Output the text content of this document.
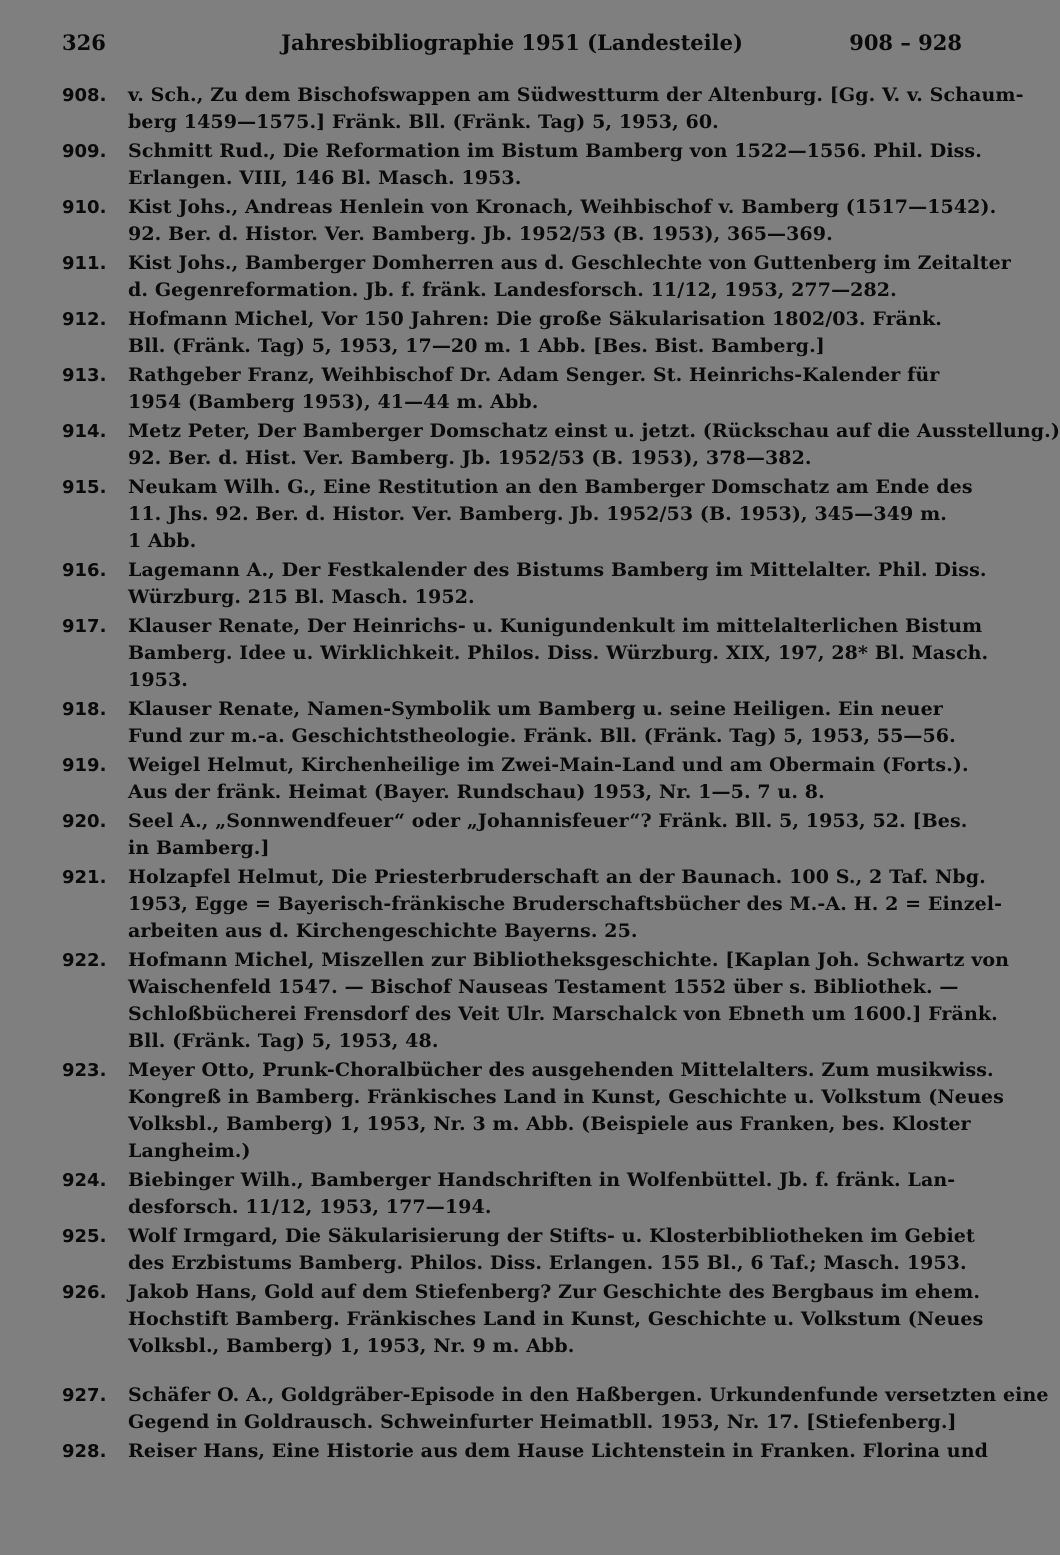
326	Jahresbibliographie 1951 (Landesteile)	908 – 928
908.	v. Sch., Zu dem Bischofswappen am Südwestturm der Altenburg. [Gg. V. v. Schaum-
berg 1459—1575.] Fränk. Bll. (Fränk. Tag) 5, 1953, 60.
909.	Schmitt Rud., Die Reformation im Bistum Bamberg von 1522—1556. Phil. Diss.
Erlangen. VIII, 146 Bl. Masch. 1953.
910.	Kist Johs., Andreas Henlein von Kronach, Weihbischof v. Bamberg (1517—1542).
92. Ber. d. Histor. Ver. Bamberg. Jb. 1952/53 (B. 1953), 365—369.
911.	Kist Johs., Bamberger Domherren aus d. Geschlechte von Guttenberg im Zeitalter
d. Gegenreformation. Jb. f. fränk. Landesforsch. 11/12, 1953, 277—282.
912.	Hofmann Michel, Vor 150 Jahren: Die große Säkularisation 1802/03. Fränk.
Bll. (Fränk. Tag) 5, 1953, 17—20 m. 1 Abb. [Bes. Bist. Bamberg.]
913.	Rathgeber Franz, Weihbischof Dr. Adam Senger. St. Heinrichs-Kalender für
1954 (Bamberg 1953), 41—44 m. Abb.
914.	Metz Peter, Der Bamberger Domschatz einst u. jetzt. (Rückschau auf die Ausstellung.)
92. Ber. d. Hist. Ver. Bamberg. Jb. 1952/53 (B. 1953), 378—382.
915.	Neukam Wilh. G., Eine Restitution an den Bamberger Domschatz am Ende des
11. Jhs. 92. Ber. d. Histor. Ver. Bamberg. Jb. 1952/53 (B. 1953), 345—349 m.
1 Abb.
916.	Lagemann A., Der Festkalender des Bistums Bamberg im Mittelalter. Phil. Diss.
Würzburg. 215 Bl. Masch. 1952.
917.	Klauser Renate, Der Heinrichs- u. Kunigundenkult im mittelalterlichen Bistum
Bamberg. Idee u. Wirklichkeit. Philos. Diss. Würzburg. XIX, 197, 28* Bl. Masch.
1953.
918.	Klauser Renate, Namen-Symbolik um Bamberg u. seine Heiligen. Ein neuer
Fund zur m.-a. Geschichtstheologie. Fränk. Bll. (Fränk. Tag) 5, 1953, 55—56.
919.	Weigel Helmut, Kirchenheilige im Zwei-Main-Land und am Obermain (Forts.).
Aus der fränk. Heimat (Bayer. Rundschau) 1953, Nr. 1—5. 7 u. 8.
920.	Seel A., „Sonnwendfeuer“ oder „Johannisfeuer“? Fränk. Bll. 5, 1953, 52. [Bes.
in Bamberg.]
921.	Holzapfel Helmut, Die Priesterbruderschaft an der Baunach. 100 S., 2 Taf. Nbg.
1953, Egge = Bayerisch-fränkische Bruderschaftsbücher des M.-A. H. 2 = Einzel-
arbeiten aus d. Kirchengeschichte Bayerns. 25.
922.	Hofmann Michel, Miszellen zur Bibliotheksgeschichte. [Kaplan Joh. Schwartz von
Waischenfeld 1547. — Bischof Nauseas Testament 1552 über s. Bibliothek. —
Schloßbücherei Frensdorf des Veit Ulr. Marschalck von Ebneth um 1600.] Fränk.
Bll. (Fränk. Tag) 5, 1953, 48.
923.	Meyer Otto, Prunk-Choralbücher des ausgehenden Mittelalters. Zum musikwiss.
Kongreß in Bamberg. Fränkisches Land in Kunst, Geschichte u. Volkstum (Neues
Volksbl., Bamberg) 1, 1953, Nr. 3 m. Abb. (Beispiele aus Franken, bes. Kloster
Langheim.)
924.	Biebinger Wilh., Bamberger Handschriften in Wolfenbüttel. Jb. f. fränk. Lan-
desforsch. 11/12, 1953, 177—194.
925.	Wolf Irmgard, Die Säkularisierung der Stifts- u. Klosterbibliotheken im Gebiet
des Erzbistums Bamberg. Philos. Diss. Erlangen. 155 Bl., 6 Taf.; Masch. 1953.
926.	Jakob Hans, Gold auf dem Stiefenberg? Zur Geschichte des Bergbaus im ehem.
Hochstift Bamberg. Fränkisches Land in Kunst, Geschichte u. Volkstum (Neues
Volksbl., Bamberg) 1, 1953, Nr. 9 m. Abb.
927.	Schäfer O. A., Goldgräber-Episode in den Haßbergen. Urkundenfunde versetzten eine
Gegend in Goldrausch. Schweinfurter Heimatbll. 1953, Nr. 17. [Stiefenberg.]
928.	Reiser Hans, Eine Historie aus dem Hause Lichtenstein in Franken. Florina und
